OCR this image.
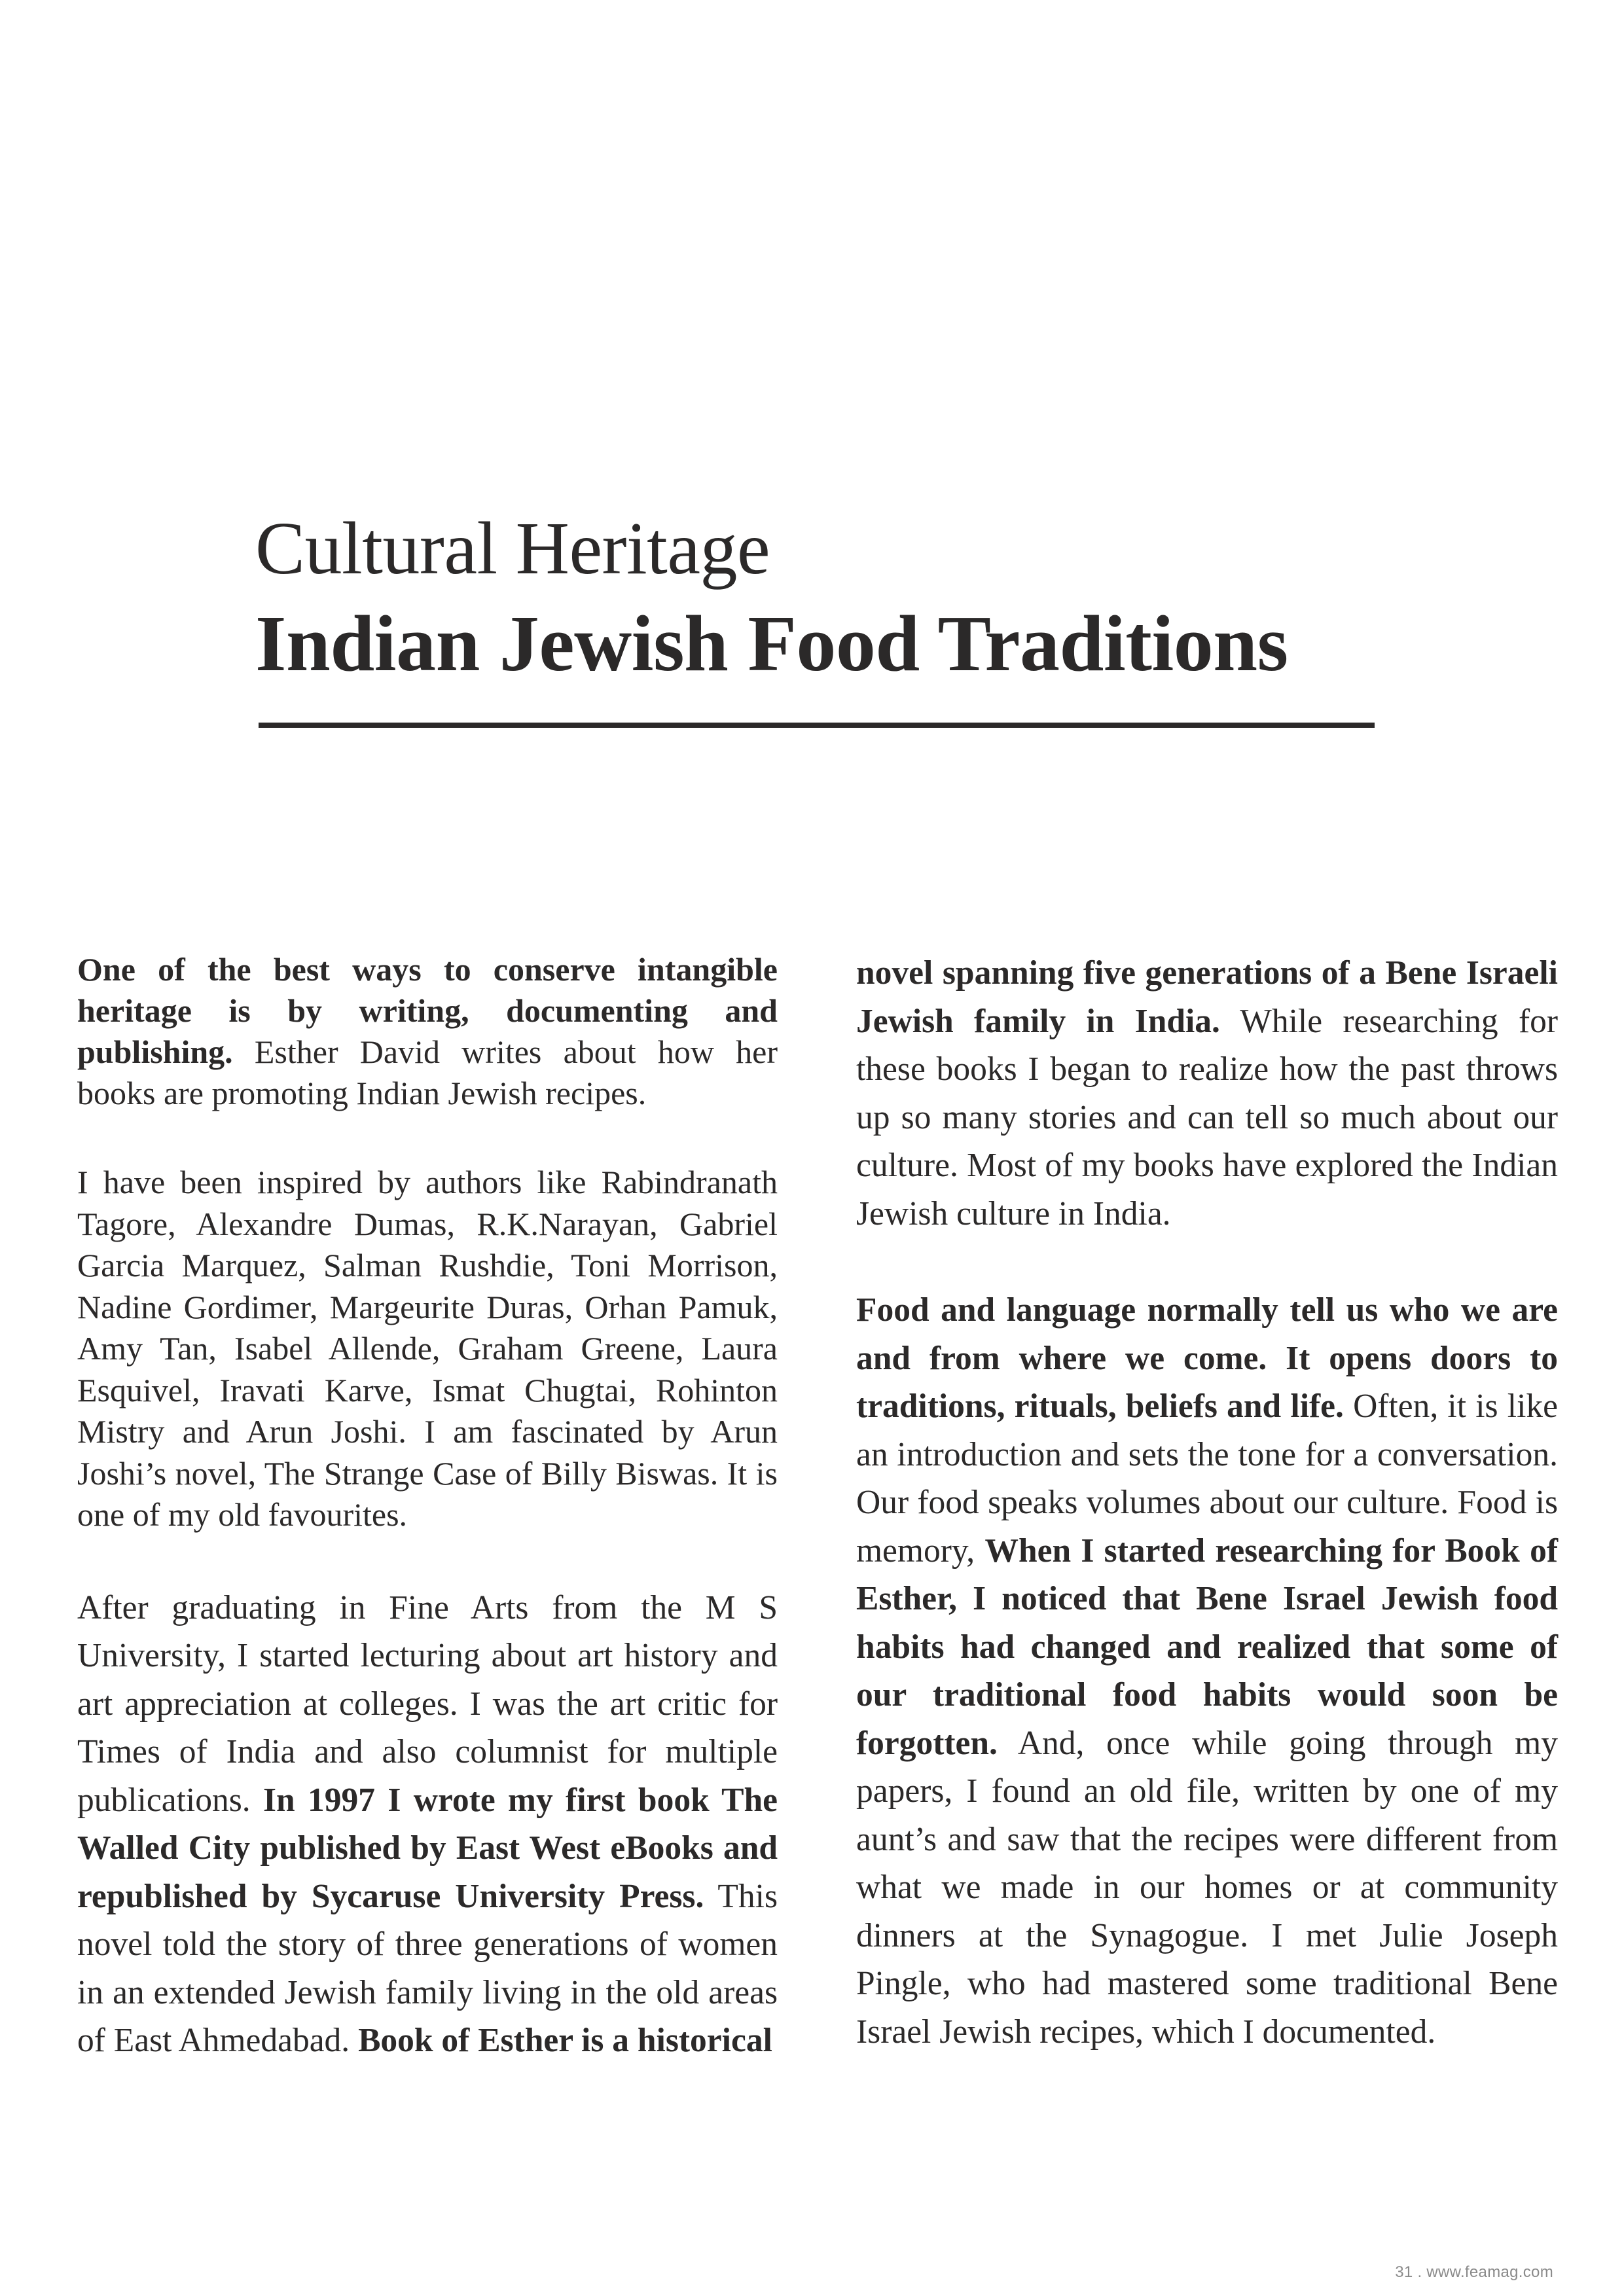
Cultural Heritage
Indian Jewish Food Traditions

One of the best ways to conserve intangible heritage is by writing, documenting and publishing. Esther David writes about how her books are promoting Indian Jewish recipes.

I have been inspired by authors like Rabindranath Tagore, Alexandre Dumas, R.K.Narayan, Gabriel Garcia Marquez, Salman Rushdie, Toni Morrison, Nadine Gordimer, Margeurite Duras, Orhan Pamuk, Amy Tan, Isabel Allende, Graham Greene, Laura Esquivel, Iravati Karve, Ismat Chugtai, Rohinton Mistry and Arun Joshi. I am fascinated by Arun Joshi’s novel, The Strange Case of Billy Biswas. It is one of my old favourites.

After graduating in Fine Arts from the M S University, I started lecturing about art history and art appreciation at colleges. I was the art critic for Times of India and also columnist for multiple publications. In 1997 I wrote my first book The Walled City published by East West eBooks and republished by Sycaruse University Press. This novel told the story of three generations of women in an extended Jewish family living in the old areas of East Ahmedabad. Book of Esther is a historical

novel spanning five generations of a Bene Israeli Jewish family in India. While researching for these books I began to realize how the past throws up so many stories and can tell so much about our culture. Most of my books have explored the Indian Jewish culture in India.

Food and language normally tell us who we are and from where we come. It opens doors to traditions, rituals, beliefs and life. Often, it is like an introduction and sets the tone for a conversation. Our food speaks volumes about our culture. Food is memory, When I started researching for Book of Esther, I noticed that Bene Israel Jewish food habits had changed and realized that some of our traditional food habits would soon be forgotten. And, once while going through my papers, I found an old file, written by one of my aunt’s and saw that the recipes were different from what we made in our homes or at community dinners at the Synagogue. I met Julie Joseph Pingle, who had mastered some traditional Bene Israel Jewish recipes, which I documented.

31 . www.feamag.com
